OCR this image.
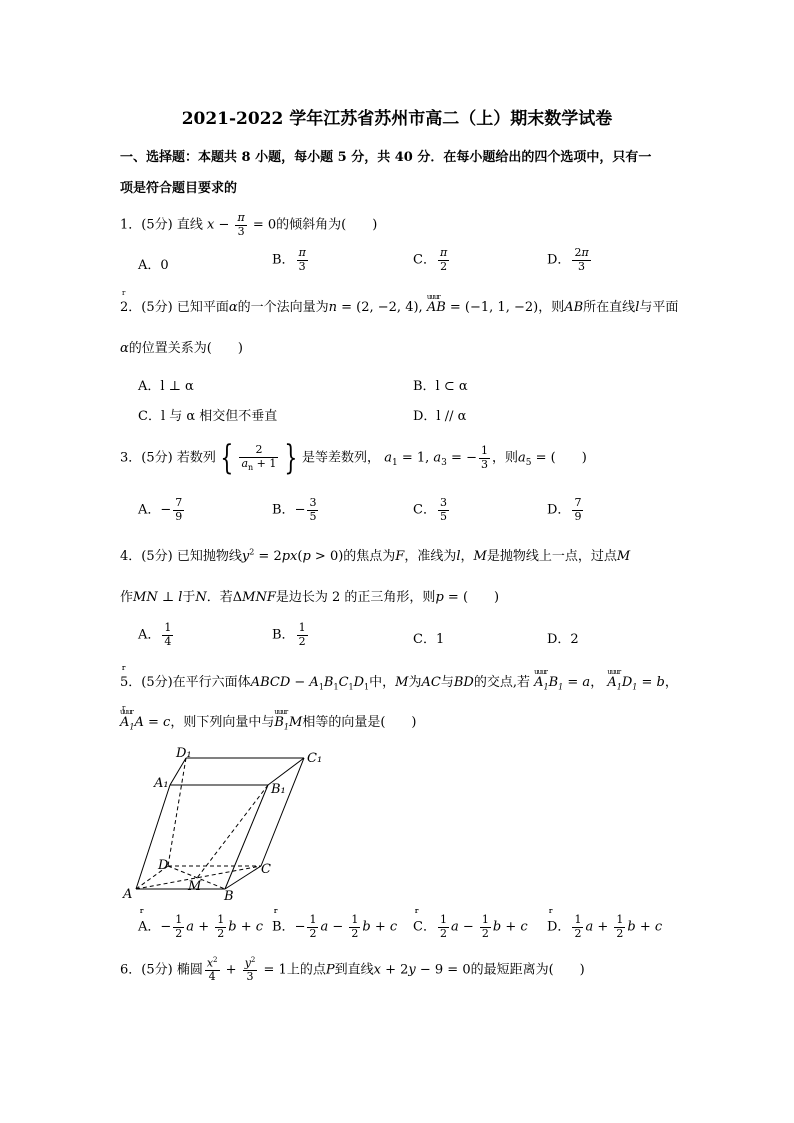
2021-2022 学年江苏省苏州市高二（上）期末数学试卷
一、选择题：本题共 8 小题，每小题 5 分，共 40 分．在每小题给出的四个选项中，只有一
项是符合题目要求的
1．(5分) 直线 $x - \frac{\pi}{3} = 0$的倾斜角为(　　)
A．0	B． $\frac{\pi}{3}$	C． $\frac{\pi}{2}$	D． $\frac{2\pi}{3}$
2．(5分) 已知平面α的一个法向量为r n = (2, −2, 4), uuur AB = (−1, 1, −2)，则AB所在直线l与平面
α的位置关系为(　　)
A．l ⊥ α	B．l ⊂ α
C．l 与 α 相交但不垂直	D．l // α
3．(5分) 若数列 { $\frac{2}{a_n + 1}$ } 是等差数列， $a_1 = 1$, $a_3$ = − $\frac{1}{3}$ ，则$a_5$ = (　　)
A．− $\frac{7}{9}$	B．− $\frac{3}{5}$	C． $\frac{3}{5}$	D． $\frac{7}{9}$
4．(5分) 已知抛物线$y^2 = 2px(p > 0)$的焦点为F，准线为l，M是抛物线上一点，过点M
作MN ⊥ l于N．若ΔMNF是边长为 2 的正三角形，则p = (　　)
A． $\frac{1}{4}$	B． $\frac{1}{2}$	C．1	D．2
5．(5分)在平行六面体ABCD − $A_1B_1C_1D_1$中，M为AC与BD的交点,若 uuur $A_1B_1 = r$ a， uuur $A_1D_1 = r$ b，
uuur $A_1A = r$ c，则下列向量中与uuur $B_1M$相等的向量是(　　)
D₁	C₁
A₁	B₁
D	C
A	B
M
A．− $\frac{1}{2}$ r $a + \frac{1}{2}$ r b + r c B．− $\frac{1}{2}$ r $a - \frac{1}{2}$ r b + r c C． $\frac{1}{2}$ r $a - \frac{1}{2}$ r b + r c D． $\frac{1}{2}$ r $a + \frac{1}{2}$ r b + r c
6．(5分) 椭圆 $\frac{x^2}{4} + \frac{y^2}{3} = 1$上的点P到直线x + 2y − 9 = 0的最短距离为(　　)
